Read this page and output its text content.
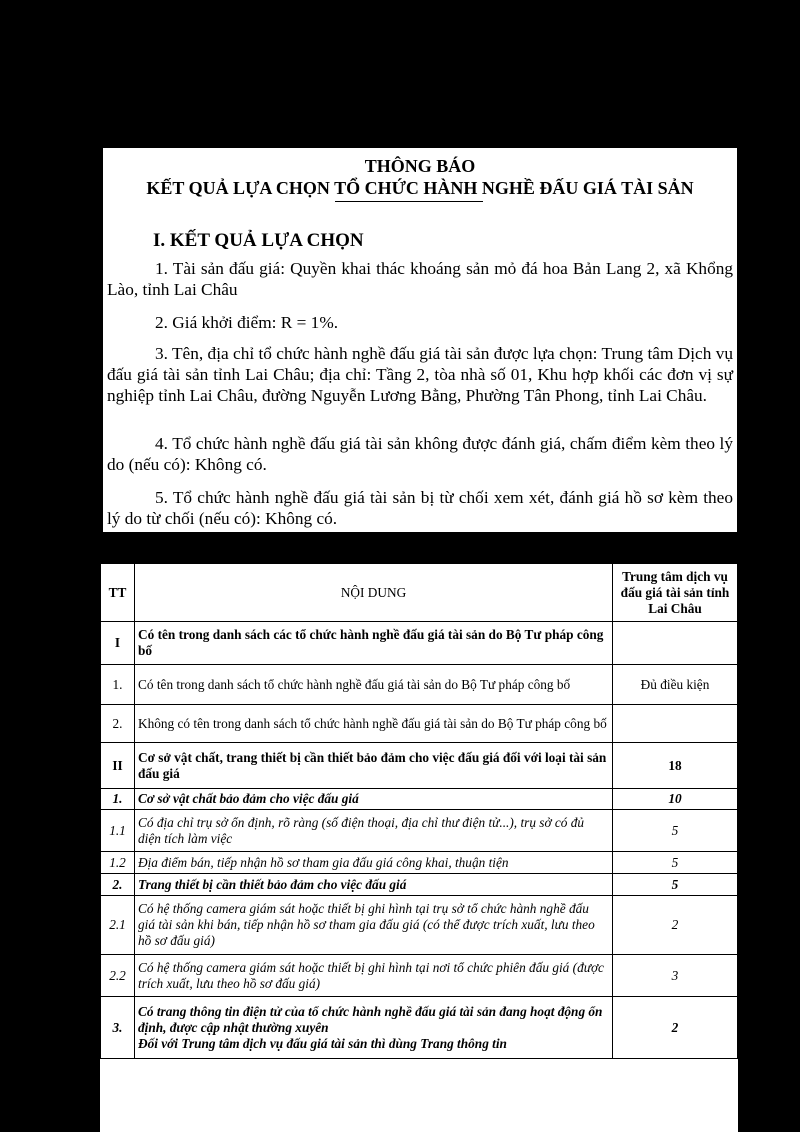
THÔNG BÁO
KẾT QUẢ LỰA CHỌN TỔ CHỨC HÀNH NGHỀ ĐẤU GIÁ TÀI SẢN
I. KẾT QUẢ LỰA CHỌN
1. Tài sản đấu giá: Quyền khai thác khoáng sản mỏ đá hoa Bản Lang 2, xã Khổng Lào, tỉnh Lai Châu
2. Giá khởi điểm: R = 1%.
3. Tên, địa chỉ tổ chức hành nghề đấu giá tài sản được lựa chọn: Trung tâm Dịch vụ đấu giá tài sản tỉnh Lai Châu; địa chỉ: Tầng 2, tòa nhà số 01, Khu hợp khối các đơn vị sự nghiệp tỉnh Lai Châu, đường Nguyễn Lương Bằng, Phường Tân Phong, tỉnh Lai Châu.
4. Tổ chức hành nghề đấu giá tài sản không được đánh giá, chấm điểm kèm theo lý do (nếu có): Không có.
5. Tổ chức hành nghề đấu giá tài sản bị từ chối xem xét, đánh giá hồ sơ kèm theo lý do từ chối (nếu có): Không có.
TT	NỘI DUNG	Trung tâm dịch vụ đấu giá tài sản tỉnh Lai Châu
I	Có tên trong danh sách các tổ chức hành nghề đấu giá tài sản do Bộ Tư pháp công bố	
1.	Có tên trong danh sách tổ chức hành nghề đấu giá tài sản do Bộ Tư pháp công bố	Đủ điều kiện
2.	Không có tên trong danh sách tổ chức hành nghề đấu giá tài sản do Bộ Tư pháp công bố	
II	Cơ sở vật chất, trang thiết bị cần thiết bảo đảm cho việc đấu giá đối với loại tài sản đấu giá	18
1.	Cơ sở vật chất bảo đảm cho việc đấu giá	10
1.1	Có địa chỉ trụ sở ổn định, rõ ràng (số điện thoại, địa chỉ thư điện tử...), trụ sở có đủ diện tích làm việc	5
1.2	Địa điểm bán, tiếp nhận hồ sơ tham gia đấu giá công khai, thuận tiện	5
2.	Trang thiết bị cần thiết bảo đảm cho việc đấu giá	5
2.1	Có hệ thống camera giám sát hoặc thiết bị ghi hình tại trụ sở tổ chức hành nghề đấu giá tài sản khi bán, tiếp nhận hồ sơ tham gia đấu giá (có thể được trích xuất, lưu theo hồ sơ đấu giá)	2
2.2	Có hệ thống camera giám sát hoặc thiết bị ghi hình tại nơi tổ chức phiên đấu giá (được trích xuất, lưu theo hồ sơ đấu giá)	3
3.	Có trang thông tin điện tử của tổ chức hành nghề đấu giá tài sản đang hoạt động ổn định, được cập nhật thường xuyên
Đối với Trung tâm dịch vụ đấu giá tài sản thì dùng Trang thông tin	2
